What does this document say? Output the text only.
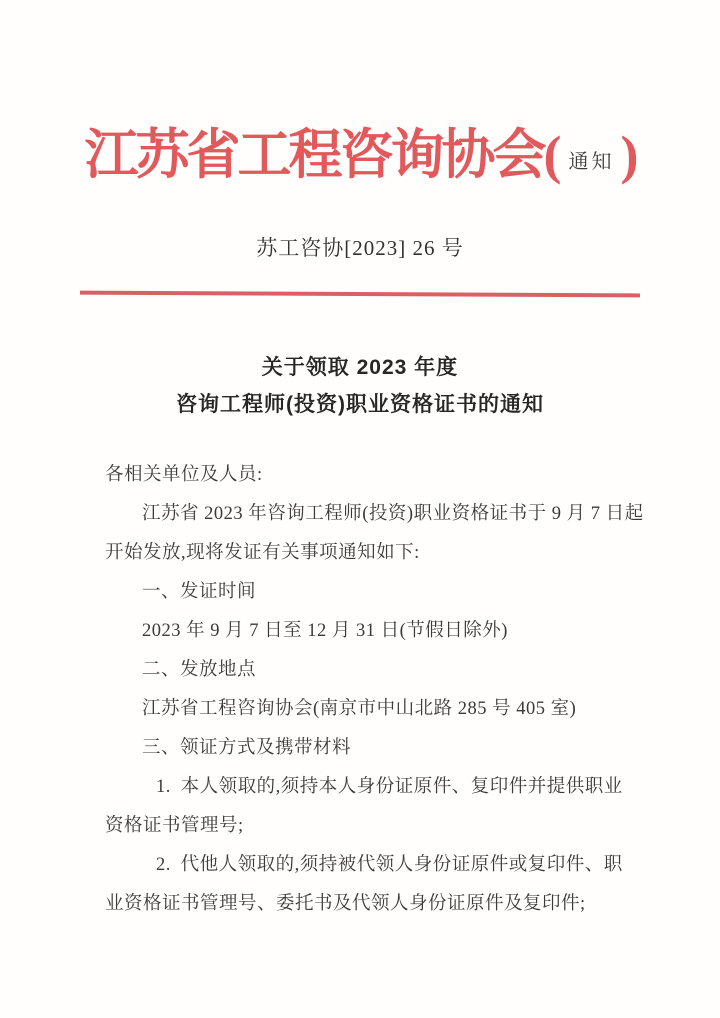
江苏省工程咨询协会( 通知 )
苏工咨协[2023] 26 号
关于领取 2023 年度
咨询工程师(投资)职业资格证书的通知
各相关单位及人员:
江苏省 2023 年咨询工程师(投资)职业资格证书于 9 月 7 日起
开始发放,现将发证有关事项通知如下:
一、发证时间
2023 年 9 月 7 日至 12 月 31 日(节假日除外)
二、发放地点
江苏省工程咨询协会(南京市中山北路 285 号 405 室)
三、领证方式及携带材料
1. 本人领取的,须持本人身份证原件、复印件并提供职业
资格证书管理号;
2. 代他人领取的,须持被代领人身份证原件或复印件、职
业资格证书管理号、委托书及代领人身份证原件及复印件;
